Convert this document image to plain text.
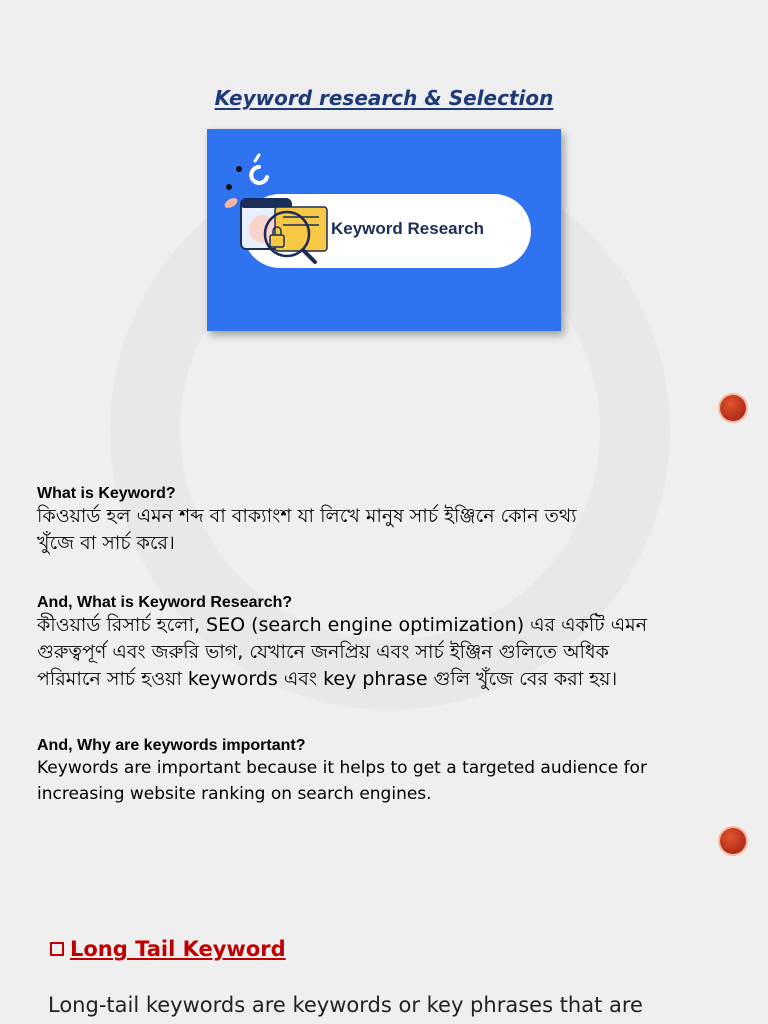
Keyword research & Selection
Keyword Research
What is Keyword?
কিওয়ার্ড হল এমন শব্দ বা বাক্যাংশ যা লিখে মানুষ সার্চ ইঞ্জিনে কোন তথ্য
খুঁজে বা সার্চ করে।
And, What is Keyword Research?
কীওয়ার্ড রিসার্চ হলো, SEO (search engine optimization) এর একটি এমন
গুরুত্বপূর্ণ এবং জরুরি ভাগ, যেখানে জনপ্রিয় এবং সার্চ ইঞ্জিন গুলিতে অধিক
পরিমানে সার্চ হওয়া keywords এবং key phrase গুলি খুঁজে বের করা হয়।
And, Why are keywords important?
Keywords are important because it helps to get a targeted audience for
increasing website ranking on search engines.
Long Tail Keyword
Long-tail keywords are keywords or key phrases that are
